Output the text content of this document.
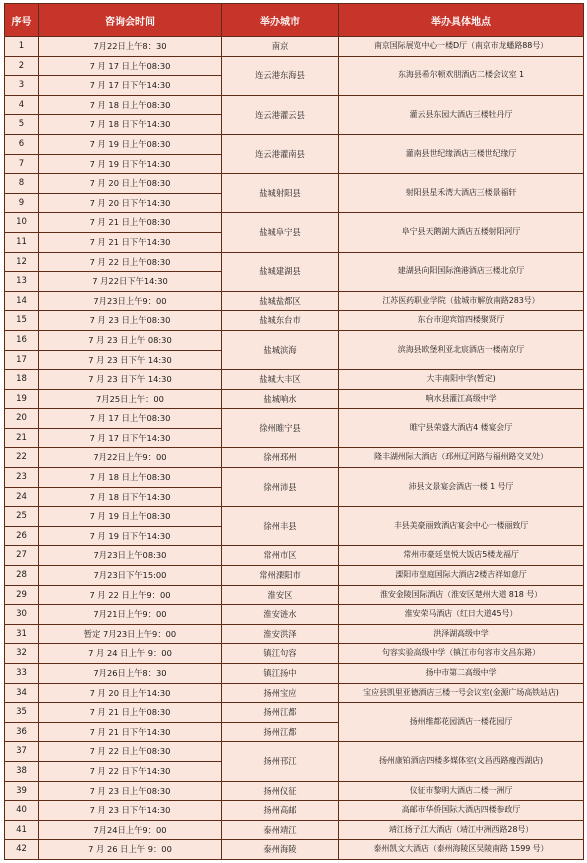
序号	咨询会时间	举办城市	举办具体地点
1	7月22日上午8：30	南京	南京国际展览中心一楼D厅（南京市龙蟠路88号）
2	7 月 17 日上午08:30	连云港东海县	东海县希尔顿欢朋酒店二楼会议室 1
3	7 月 17 日下午14:30		
4	7 月 18 日上午08:30	连云港灌云县	灌云县东园大酒店三楼牡丹厅
5	7 月 18 日下午14:30		
6	7 月 19 日上午08:30	连云港灌南县	灌南县世纪缘酒店三楼世纪缘厅
7	7 月 19 日下午14:30		
8	7 月 20 日上午08:30	盐城射阳县	射阳县星禾湾大酒店三楼景福轩
9	7 月 20 日下午14:30		
10	7 月 21 日上午08:30	盐城阜宁县	阜宁县天鹅湖大酒店五楼射阳河厅
11	7 月 21 日下午14:30		
12	7 月 22 日上午08:30	盐城建湖县	建湖县向阳国际渔港酒店三楼北京厅
13	7 月22日下午14:30		
14	7月23日上午9：00	盐城盐都区	江苏医药职业学院（盐城市解放南路283号）
15	7 月 23 日上午08:30	盐城东台市	东台市迎宾馆四楼聚贤厅
16	7 月 23 日上午 08:30	盐城滨海	滨海县欧堡利亚北宸酒店一楼南京厅
17	7 月 23 日下午 14:30		
18	7 月 23 日下午 14:30	盐城大丰区	大丰南阳中学(暂定)
19	7月25日上午：00	盐城响水	响水县灌江高级中学
20	7 月 17 日上午08:30	徐州睢宁县	睢宁县荣盛大酒店4 楼宴会厅
21	7 月 17 日下午14:30		
22	7月22日上午9：00	徐州邳州	隆丰湖州际大酒店（邳州辽河路与福州路交叉处）
23	7 月 18 日上午08:30	徐州沛县	沛县文景宴会酒店一楼 1 号厅
24	7 月 18 日下午14:30		
25	7 月 19 日上午08:30	徐州丰县	丰县美豪丽致酒店宴会中心一楼丽致厅
26	7 月 19 日下午14:30		
27	7月23日上午08:30	常州市区	常州市豪廷皇悦大饭店5楼龙福厅
28	7月23日下午15:00	常州溧阳市	溧阳市皇庭国际大酒店2楼吉祥如意厅
29	7 月 22 日上午9：00	淮安区	淮安金陵国际酒店（淮安区楚州大道 818 号）
30	7月21日上午9：00	淮安涟水	淮安荣马酒店（红日大道45号）
31	暂定 7月23日上午9：00	淮安洪泽	洪泽湖高级中学
32	7 月 24 日上午 9：00	镇江句容	句容实验高级中学（镇江市句容市文昌东路）
33	7月26日上午8：30	镇江扬中	扬中市第二高级中学
34	7 月 20 日上午14:30	扬州宝应	宝应县凯里亚德酒店三楼一号会议室(金源广场高铁站店)
35	7 月 21 日上午08:30	扬州江都	扬州维都花园酒店一楼花园厅
36	7 月 21 日下午14:30	扬州江都	
37	7 月 22 日上午08:30	扬州邗江	扬州康铂酒店四楼多媒体室(文昌西路瘦西湖店)
38	7 月 22 日下午14:30		
39	7 月 23 日上午08:30	扬州仪征	仪征市黎明大酒店二楼一洲厅
40	7 月 23 日下午14:30	扬州高邮	高邮市华侨国际大酒店四楼参政厅
41	7月24日上午9：00	泰州靖江	靖江扬子江大酒店（靖江中洲西路28号）
42	7 月 26 日上午 9：00	泰州海陵	泰州凯文大酒店（泰州海陵区吴陵南路 1599 号）
